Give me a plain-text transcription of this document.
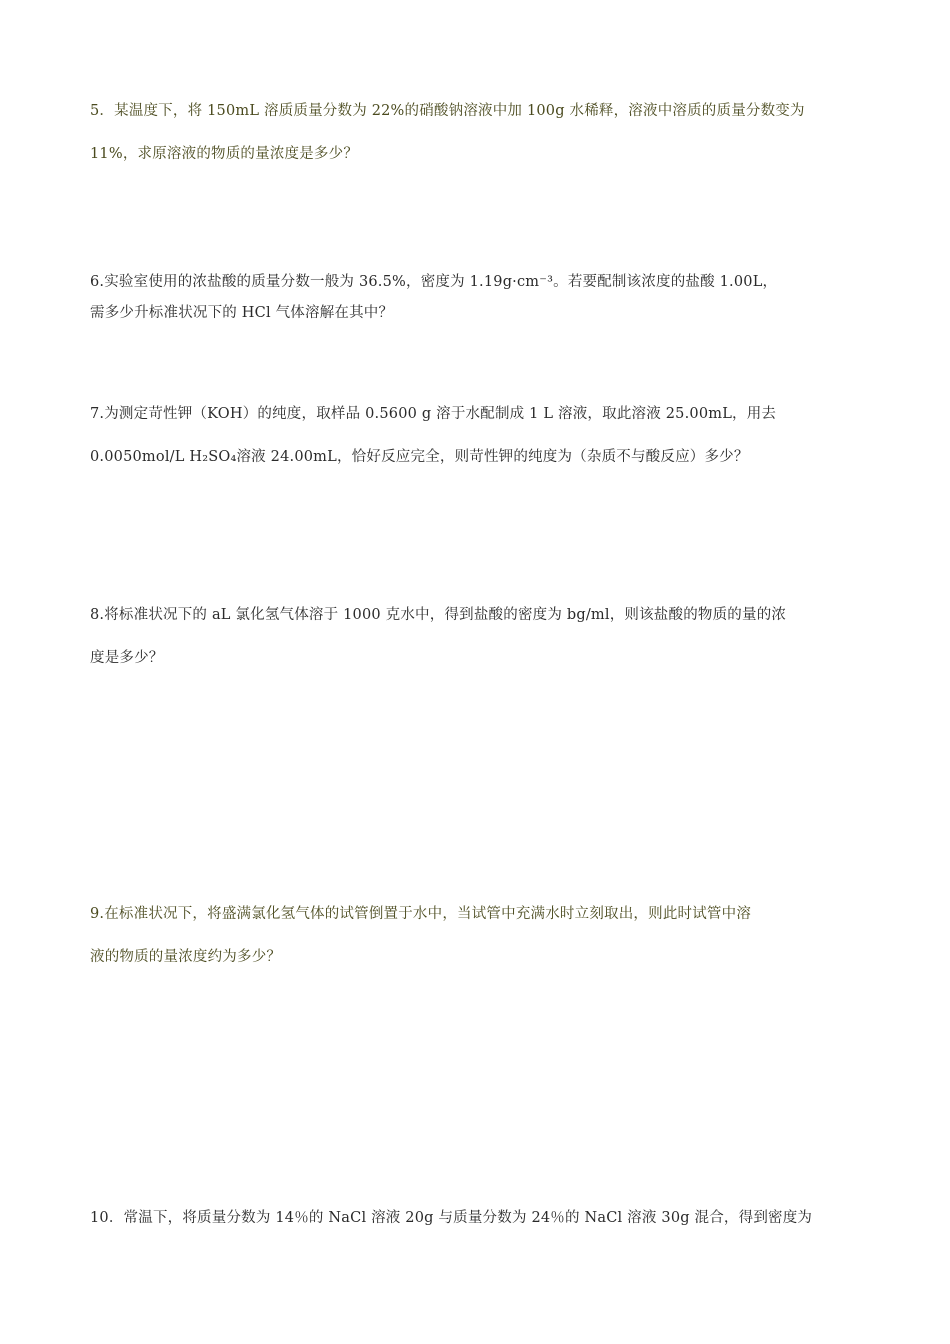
5．某温度下，将 150mL 溶质质量分数为 22%的硝酸钠溶液中加 100g 水稀释，溶液中溶质的质量分数变为
11%，求原溶液的物质的量浓度是多少？
6.实验室使用的浓盐酸的质量分数一般为 36.5%，密度为 1.19g·cm⁻³。若要配制该浓度的盐酸 1.00L，
需多少升标准状况下的 HCl 气体溶解在其中？
7.为测定苛性钾（KOH）的纯度，取样品 0.5600 g 溶于水配制成 1 L 溶液，取此溶液 25.00mL，用去
0.0050mol/L H₂SO₄溶液 24.00mL，恰好反应完全，则苛性钾的纯度为（杂质不与酸反应）多少？
8.将标准状况下的 aL 氯化氢气体溶于 1000 克水中，得到盐酸的密度为 bg/ml，则该盐酸的物质的量的浓
度是多少？
9.在标准状况下，将盛满氯化氢气体的试管倒置于水中，当试管中充满水时立刻取出，则此时试管中溶
液的物质的量浓度约为多少？
10．常温下，将质量分数为 14％的 NaCl 溶液 20g 与质量分数为 24％的 NaCl 溶液 30g 混合，得到密度为
